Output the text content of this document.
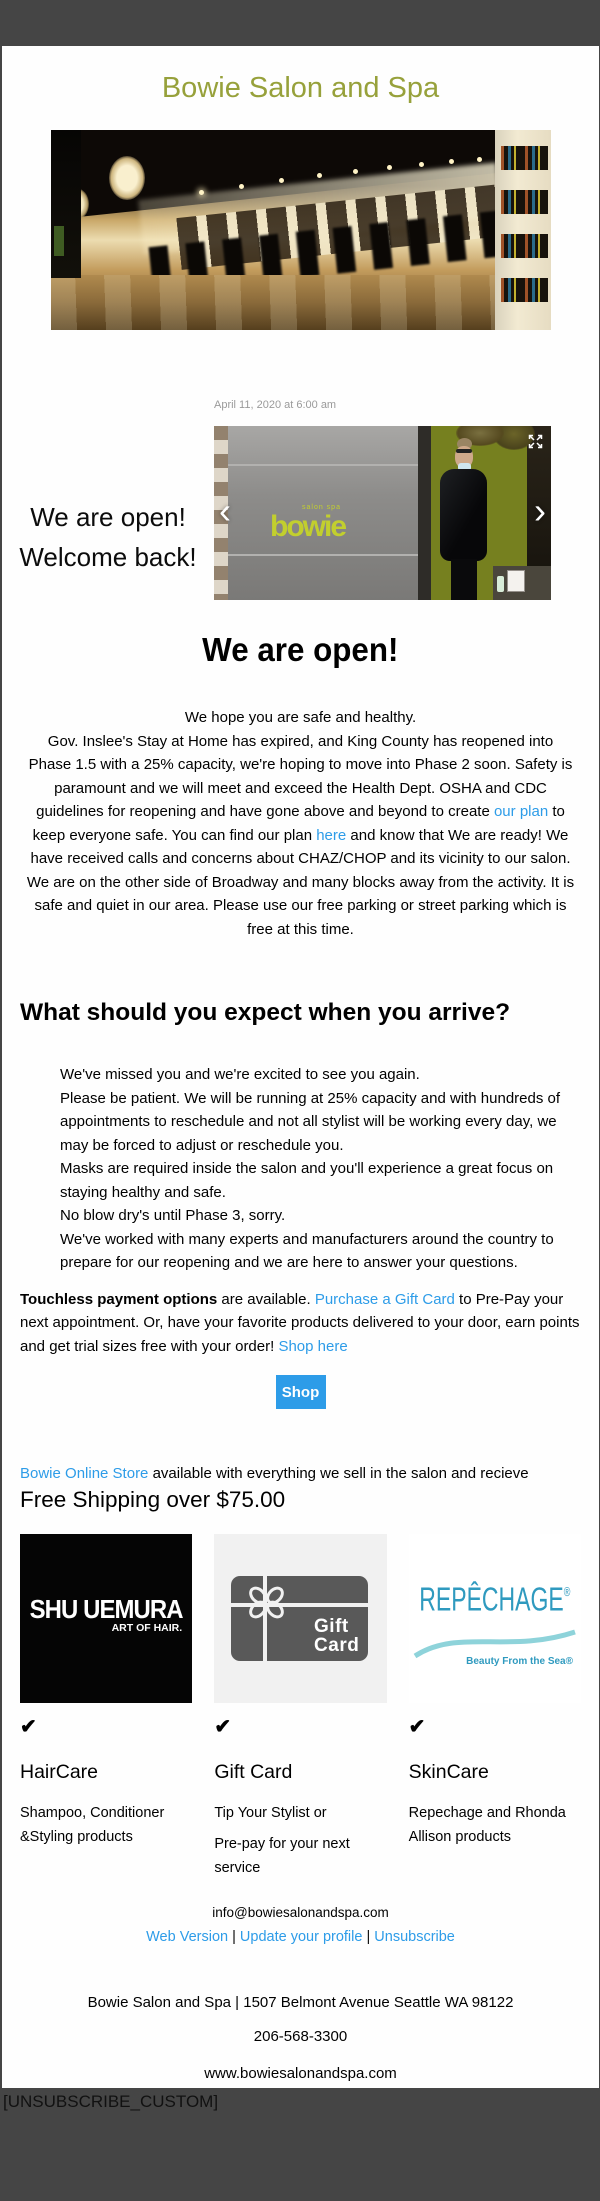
Bowie Salon and Spa
We are open!
Welcome back!

April 11, 2020 at 6:00 am

salon spa
bowie
‹	›
We are open!

We hope you are safe and healthy.
Gov. Inslee's Stay at Home has expired, and King County has reopened into Phase 1.5 with a 25% capacity, we're hoping to move into Phase 2 soon. Safety is paramount and we will meet and exceed the Health Dept. OSHA and CDC guidelines for reopening and have gone above and beyond to create our plan to keep everyone safe. You can find our plan here and know that We are ready! We have received calls and concerns about CHAZ/CHOP and its vicinity to our salon. We are on the other side of Broadway and many blocks away from the activity. It is safe and quiet in our area. Please use our free parking or street parking which is free at this time.

What should you expect when you arrive?
We've missed you and we're excited to see you again.
Please be patient. We will be running at 25% capacity and with hundreds of appointments to reschedule and not all stylist will be working every day, we may be forced to adjust or reschedule you.
Masks are required inside the salon and you'll experience a great focus on staying healthy and safe.
No blow dry's until Phase 3, sorry.
We've worked with many experts and manufacturers around the country to prepare for our reopening and we are here to answer your questions.

Touchless payment options are available. Purchase a Gift Card to Pre-Pay your next appointment. Or, have your favorite products delivered to your door, earn points and get trial sizes free with your order! Shop here

Shop

Bowie Online Store available with everything we sell in the salon and recieve

Free Shipping over $75.00

SHU UEMURA
ART OF HAIR.
✔
HairCare

Shampoo, Conditioner
&Styling products

Gift
Card
✔
Gift Card

Tip Your Stylist or

Pre-pay for your next service

REPÊCHAGE®
Beauty From the Sea®
✔
SkinCare

Repechage and Rhonda
Allison products

info@bowiesalonandspa.com

Web Version | Update your profile | Unsubscribe

Bowie Salon and Spa | 1507 Belmont Avenue Seattle WA 98122

206-568-3300

www.bowiesalonandspa.com

[UNSUBSCRIBE_CUSTOM]
